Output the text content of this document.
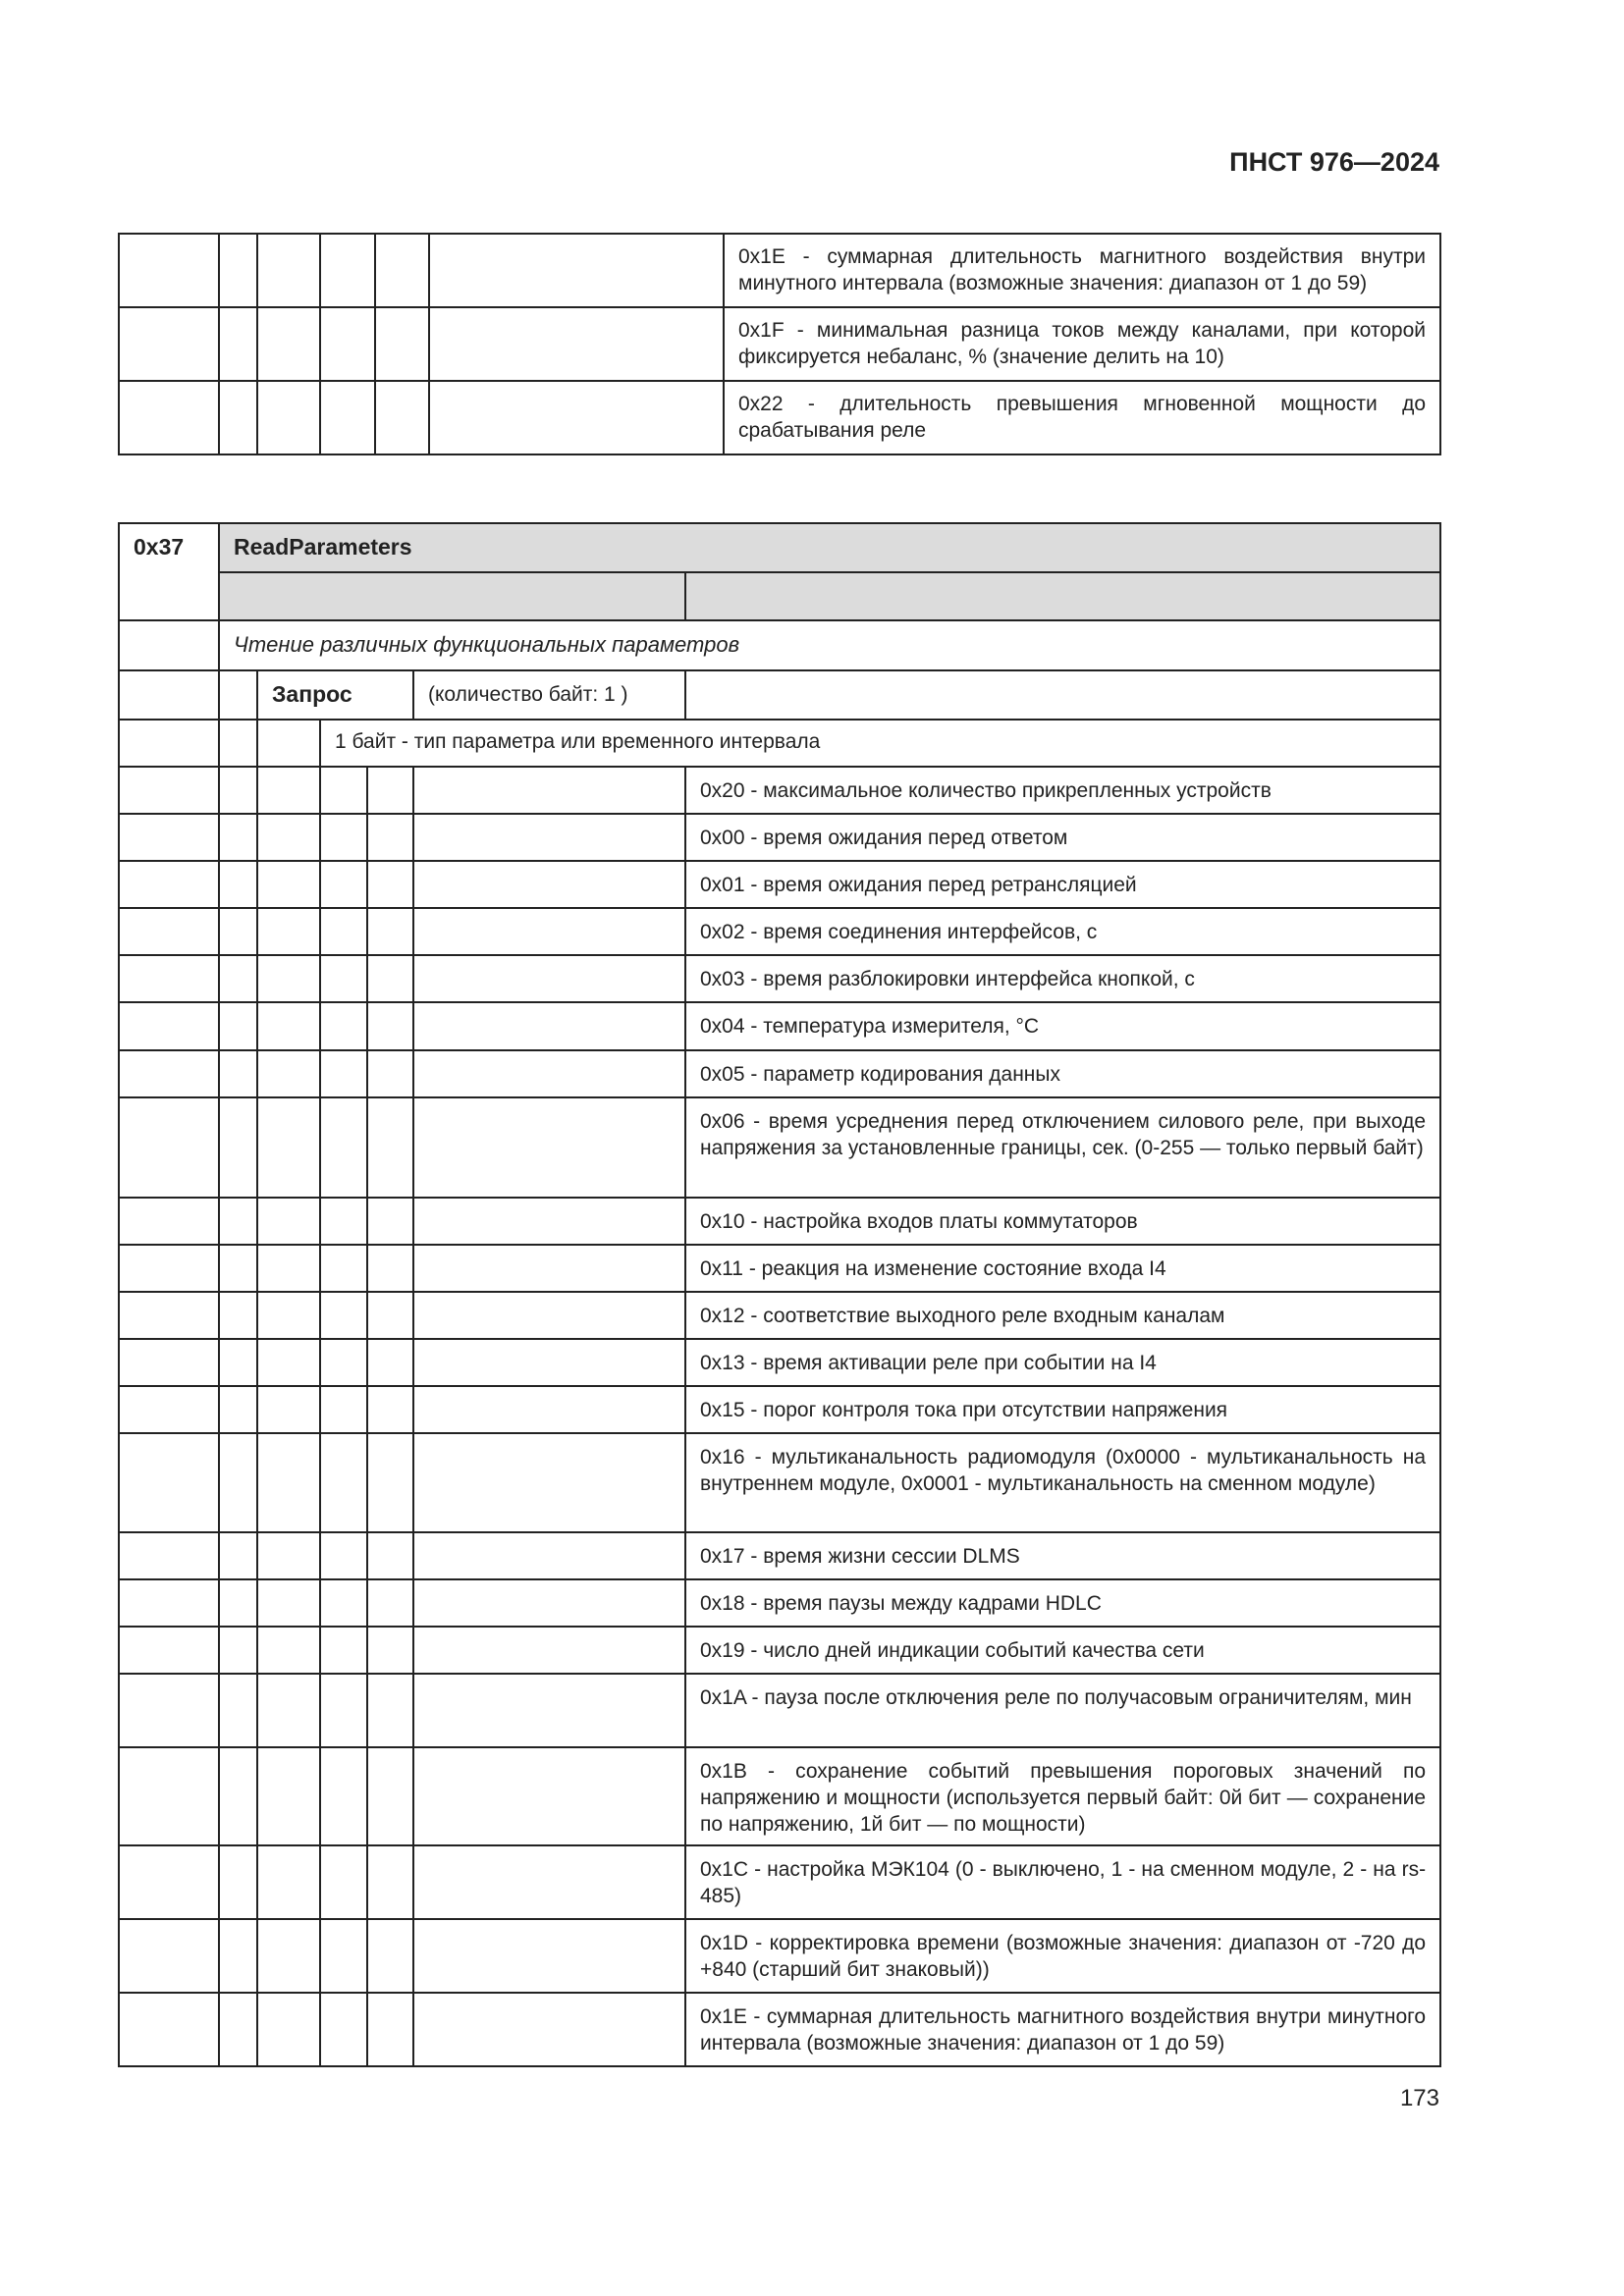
ПНСТ 976—2024
						0x1E - суммарная длительность магнитного воздействия внутри минутного интервала (возможные значения: диапазон от 1 до 59)
						0x1F - минимальная разница токов между каналами, при которой фиксируется небаланс, % (значение делить на 10)
						0x22 - длительность превышения мгновенной мощности до срабатывания реле
0x37	ReadParameters					

	Чтение различных функциональных параметров					
		Запрос			(количество байт: 1 )	
			1 байт - тип параметра или временного интервала			
						0x20 - максимальное количество прикрепленных устройств
						0x00 - время ожидания перед ответом
						0x01 - время ожидания перед ретрансляцией
						0x02 - время соединения интерфейсов, с
						0x03 - время разблокировки интерфейса кнопкой, с
						0x04 - температура измерителя, °С
						0x05 - параметр кодирования данных
						0x06 - время усреднения перед отключением силового реле, при выходе напряжения за установленные границы, сек. (0-255 — только первый байт)
						0x10 - настройка входов платы коммутаторов
						0x11 - реакция на изменение состояние входа I4
						0x12 - соответствие выходного реле входным каналам
						0x13 - время активации реле при событии на I4
						0x15 - порог контроля тока при отсутствии напряжения
						0x16 - мультиканальность радиомодуля (0x0000 - мультиканальность на внутреннем модуле, 0x0001 - мультиканальность на сменном модуле)
						0x17 - время жизни сессии DLMS
						0x18 - время паузы между кадрами HDLC
						0x19 - число дней индикации событий качества сети
						0x1A - пауза после отключения реле по получасовым ограничителям, мин
						0x1B - сохранение событий превышения пороговых значений по напряжению и мощности (используется первый байт: 0й бит — сохранение по напряжению, 1й бит — по мощности)
						0x1C - настройка МЭК104 (0 - выключено, 1 - на сменном модуле, 2 - на rs-485)
						0x1D - корректировка времени (возможные значения: диапазон от -720 до +840 (старший бит знаковый))
						0x1E - суммарная длительность магнитного воздействия внутри минутного интервала (возможные значения: диапазон от 1 до 59)
173
